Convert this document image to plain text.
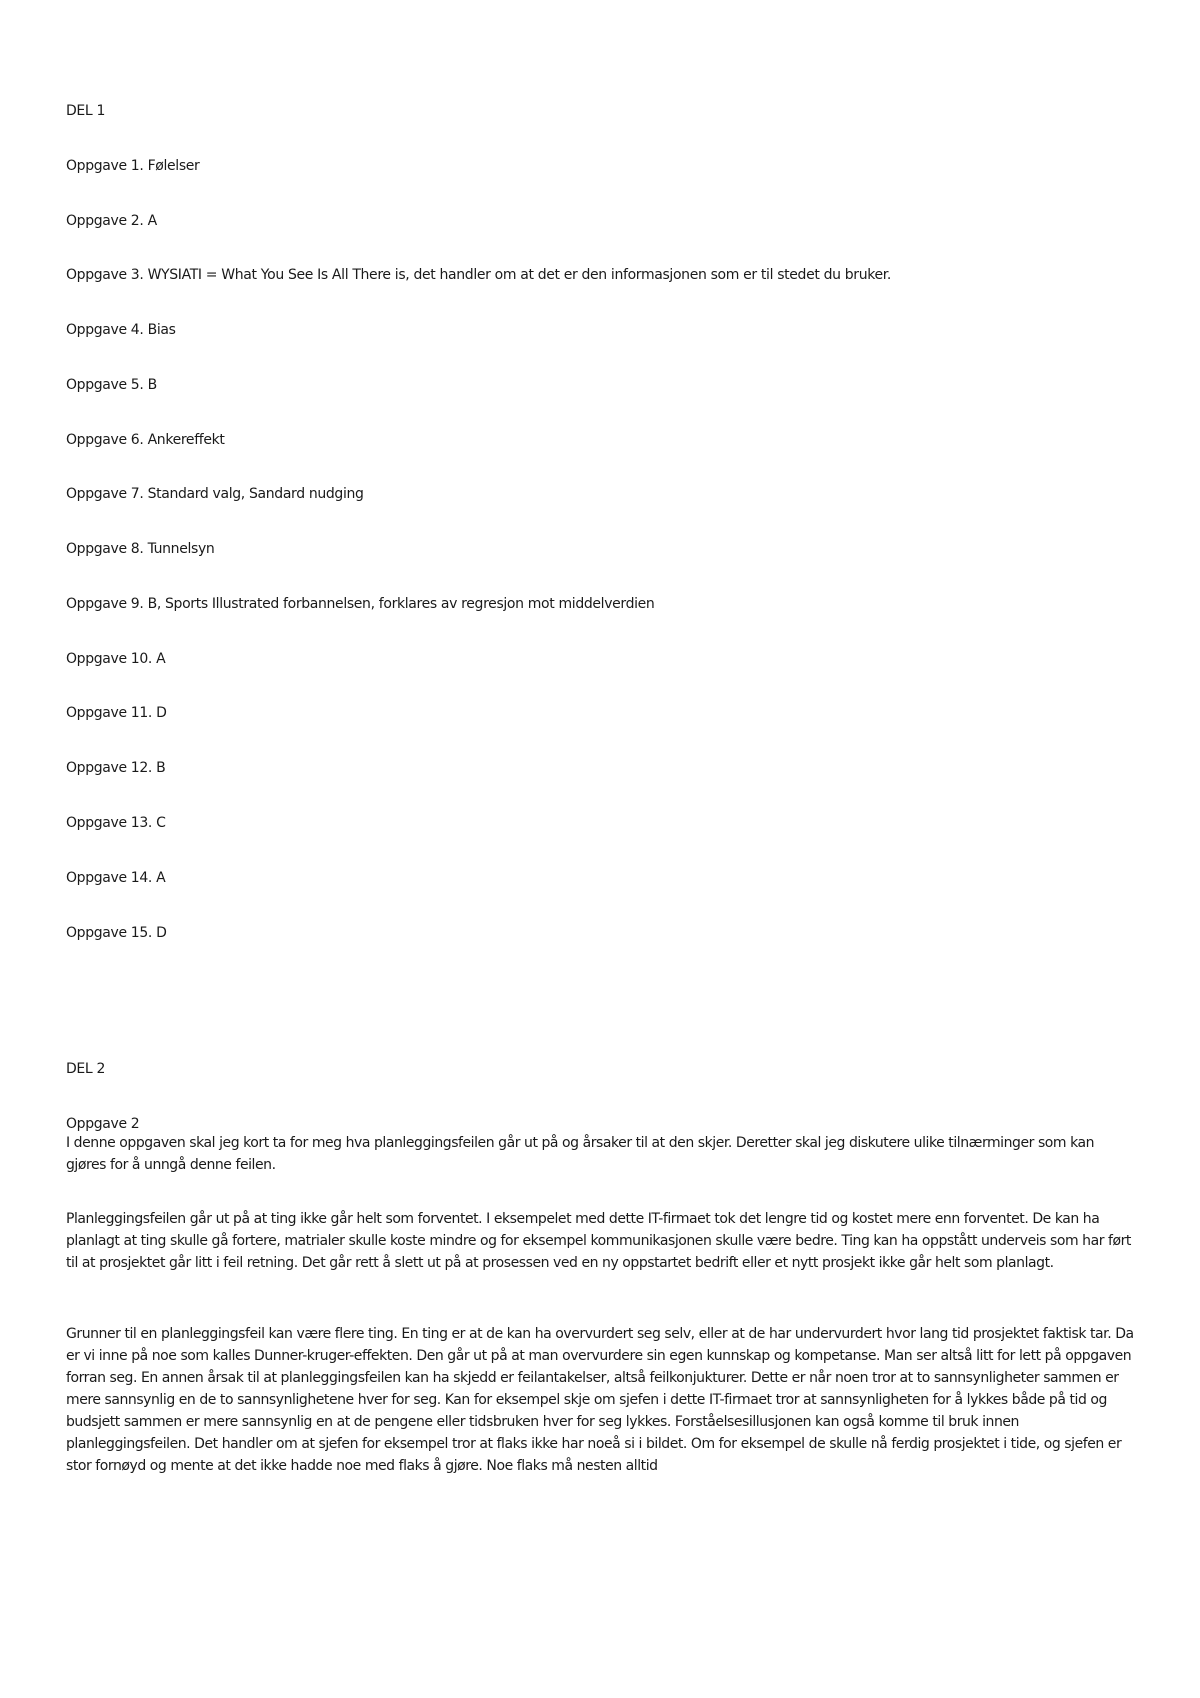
DEL 1
Oppgave 1. Følelser
Oppgave 2. A
Oppgave 3. WYSIATI = What You See Is All There is, det handler om at det er den informasjonen som er til stedet du bruker.
Oppgave 4. Bias
Oppgave 5. B
Oppgave 6. Ankereffekt
Oppgave 7. Standard valg, Sandard nudging
Oppgave 8. Tunnelsyn
Oppgave 9. B, Sports Illustrated forbannelsen, forklares av regresjon mot middelverdien
Oppgave 10. A
Oppgave 11. D
Oppgave 12. B
Oppgave 13. C
Oppgave 14. A
Oppgave 15. D
DEL 2
Oppgave 2
I denne oppgaven skal jeg kort ta for meg hva planleggingsfeilen går ut på og årsaker til at den skjer. Deretter skal jeg diskutere ulike tilnærminger som kan gjøres for å unngå denne feilen.
Planleggingsfeilen går ut på at ting ikke går helt som forventet. I eksempelet med dette IT-firmaet tok det lengre tid og kostet mere enn forventet. De kan ha planlagt at ting skulle gå fortere, matrialer skulle koste mindre og for eksempel kommunikasjonen skulle være bedre. Ting kan ha oppstått underveis som har ført til at prosjektet går litt i feil retning. Det går rett å slett ut på at prosessen ved en ny oppstartet bedrift eller et nytt prosjekt ikke går helt som planlagt.
Grunner til en planleggingsfeil kan være flere ting. En ting er at de kan ha overvurdert seg selv, eller at de har undervurdert hvor lang tid prosjektet faktisk tar. Da er vi inne på noe som kalles Dunner-kruger-effekten. Den går ut på at man overvurdere sin egen kunnskap og kompetanse. Man ser altså litt for lett på oppgaven forran seg. En annen årsak til at planleggingsfeilen kan ha skjedd er feilantakelser, altså feilkonjukturer. Dette er når noen tror at to sannsynligheter sammen er mere sannsynlig en de to sannsynlighetene hver for seg. Kan for eksempel skje om sjefen i dette IT-firmaet tror at sannsynligheten for å lykkes både på tid og budsjett sammen er mere sannsynlig en at de pengene eller tidsbruken hver for seg lykkes. Forståelsesillusjonen kan også komme til bruk innen planleggingsfeilen. Det handler om at sjefen for eksempel tror at flaks ikke har noeå si i bildet. Om for eksempel de skulle nå ferdig prosjektet i tide, og sjefen er stor fornøyd og mente at det ikke hadde noe med flaks å gjøre. Noe flaks må nesten alltid
